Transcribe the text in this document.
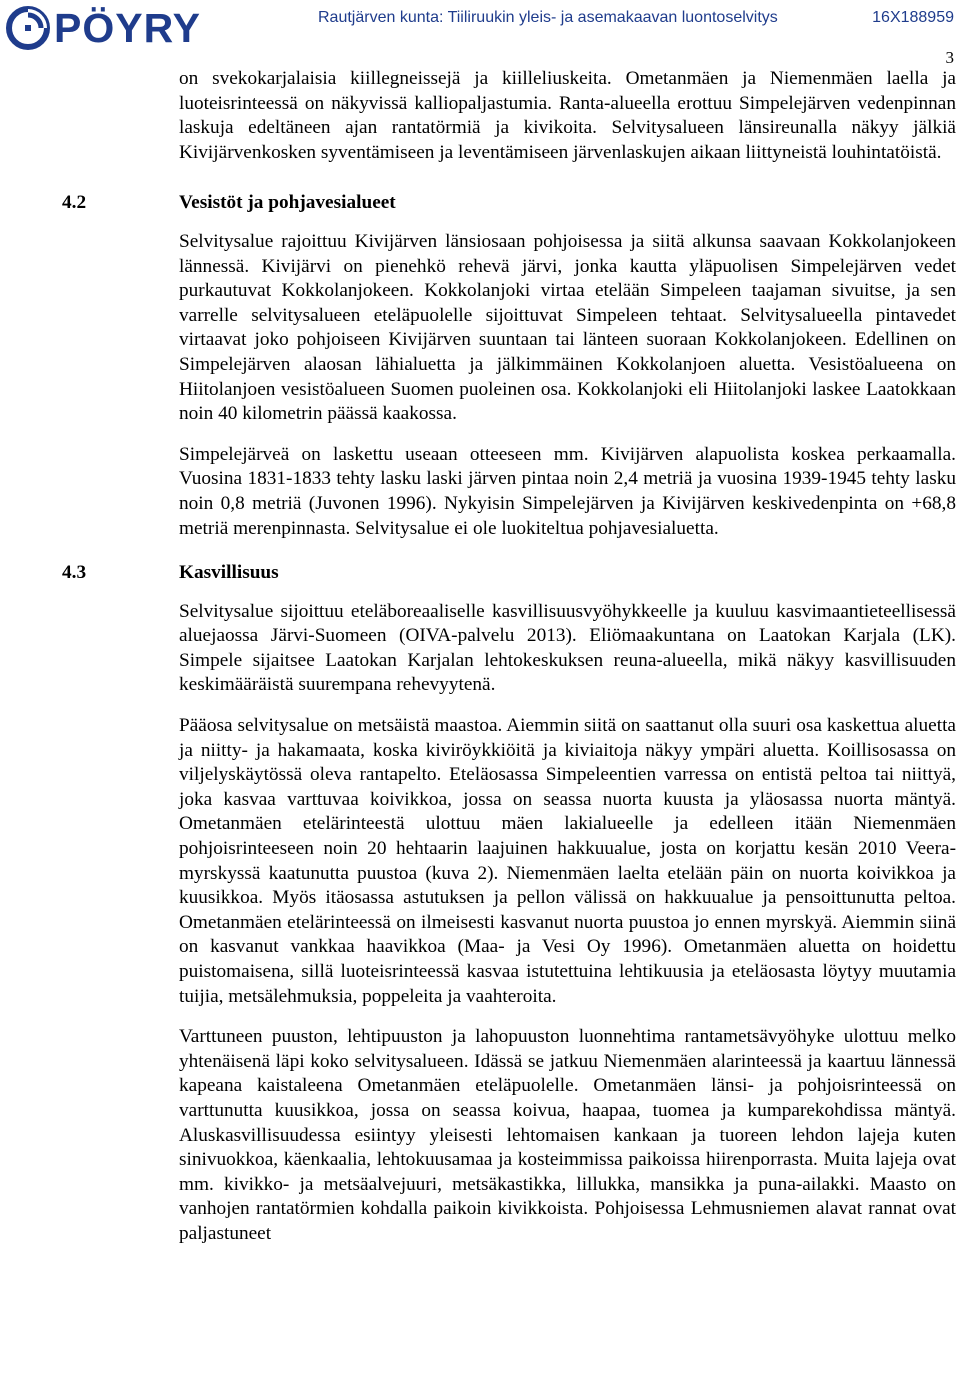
PÖYRY	Rautjärven kunta: Tiiliruukin yleis- ja asemakaavan luontoselvitys	16X188959
3

on svekokarjalaisia kiillegneissejä ja kiilleliuskeita. Ometanmäen ja Niemenmäen laella ja luoteisrinteessä on näkyvissä kalliopaljastumia. Ranta-alueella erottuu Simpelejärven vedenpinnan laskuja edeltäneen ajan rantatörmiä ja kivikoita. Selvitysalueen länsireunalla näkyy jälkiä Kivijärvenkosken syventämiseen ja leventämiseen järvenlaskujen aikaan liittyneistä louhintatöistä.

4.2	Vesistöt ja pohjavesialueet

Selvitysalue rajoittuu Kivijärven länsiosaan pohjoisessa ja siitä alkunsa saavaan Kokkolanjokeen lännessä. Kivijärvi on pienehkö rehevä järvi, jonka kautta yläpuolisen Simpelejärven vedet purkautuvat Kokkolanjokeen. Kokkolanjoki virtaa etelään Simpeleen taajaman sivuitse, ja sen varrelle selvitysalueen eteläpuolelle sijoittuvat Simpeleen tehtaat. Selvitysalueella pintavedet virtaavat joko pohjoiseen Kivijärven suuntaan tai länteen suoraan Kokkolanjokeen. Edellinen on Simpelejärven alaosan lähialuetta ja jälkimmäinen Kokkolanjoen aluetta. Vesistöalueena on Hiitolanjoen vesistöalueen Suomen puoleinen osa. Kokkolanjoki eli Hiitolanjoki laskee Laatokkaan noin 40 kilometrin päässä kaakossa.

Simpelejärveä on laskettu useaan otteeseen mm. Kivijärven alapuolista koskea perkaamalla. Vuosina 1831-1833 tehty lasku laski järven pintaa noin 2,4 metriä ja vuosina 1939-1945 tehty lasku noin 0,8 metriä (Juvonen 1996). Nykyisin Simpelejärven ja Kivijärven keskivedenpinta on +68,8 metriä merenpinnasta. Selvitysalue ei ole luokiteltua pohjavesialuetta.

4.3	Kasvillisuus

Selvitysalue sijoittuu eteläboreaaliselle kasvillisuusvyöhykkeelle ja kuuluu kasvimaantieteellisessä aluejaossa Järvi-Suomeen (OIVA-palvelu 2013). Eliömaakuntana on Laatokan Karjala (LK). Simpele sijaitsee Laatokan Karjalan lehtokeskuksen reuna-alueella, mikä näkyy kasvillisuuden keskimääräistä suurempana rehevyytenä.

Pääosa selvitysalue on metsäistä maastoa. Aiemmin siitä on saattanut olla suuri osa kaskettua aluetta ja niitty- ja hakamaata, koska kiviröykkiöitä ja kiviaitoja näkyy ympäri aluetta. Koillisosassa on viljelyskäytössä oleva rantapelto. Eteläosassa Simpeleentien varressa on entistä peltoa tai niittyä, joka kasvaa varttuvaa koivikkoa, jossa on seassa nuorta kuusta ja yläosassa nuorta mäntyä. Ometanmäen etelärinteestä ulottuu mäen lakialueelle ja edelleen itään Niemenmäen pohjoisrinteeseen noin 20 hehtaarin laajuinen hakkuualue, josta on korjattu kesän 2010 Veera-myrskyssä kaatunutta puustoa (kuva 2). Niemenmäen laelta etelään päin on nuorta koivikkoa ja kuusikkoa. Myös itäosassa astutuksen ja pellon välissä on hakkuualue ja pensoittunutta peltoa. Ometanmäen etelärinteessä on ilmeisesti kasvanut nuorta puustoa jo ennen myrskyä. Aiemmin siinä on kasvanut vankkaa haavikkoa (Maa- ja Vesi Oy 1996). Ometanmäen aluetta on hoidettu puistomaisena, sillä luoteisrinteessä kasvaa istutettuina lehtikuusia ja eteläosasta löytyy muutamia tuijia, metsälehmuksia, poppeleita ja vaahteroita.

Varttuneen puuston, lehtipuuston ja lahopuuston luonnehtima rantametsävyöhyke ulottuu melko yhtenäisenä läpi koko selvitysalueen. Idässä se jatkuu Niemenmäen alarinteessä ja kaartuu lännessä kapeana kaistaleena Ometanmäen eteläpuolelle. Ometanmäen länsi- ja pohjoisrinteessä on varttunutta kuusikkoa, jossa on seassa koivua, haapaa, tuomea ja kumparekohdissa mäntyä. Aluskasvillisuudessa esiintyy yleisesti lehtomaisen kankaan ja tuoreen lehdon lajeja kuten sinivuokkoa, käenkaalia, lehtokuusamaa ja kosteimmissa paikoissa hiirenporrasta. Muita lajeja ovat mm. kivikko- ja metsäalvejuuri, metsäkastikka, lillukka, mansikka ja puna-ailakki. Maasto on vanhojen rantatörmien kohdalla paikoin kivikkoista. Pohjoisessa Lehmusniemen alavat rannat ovat paljastuneet
